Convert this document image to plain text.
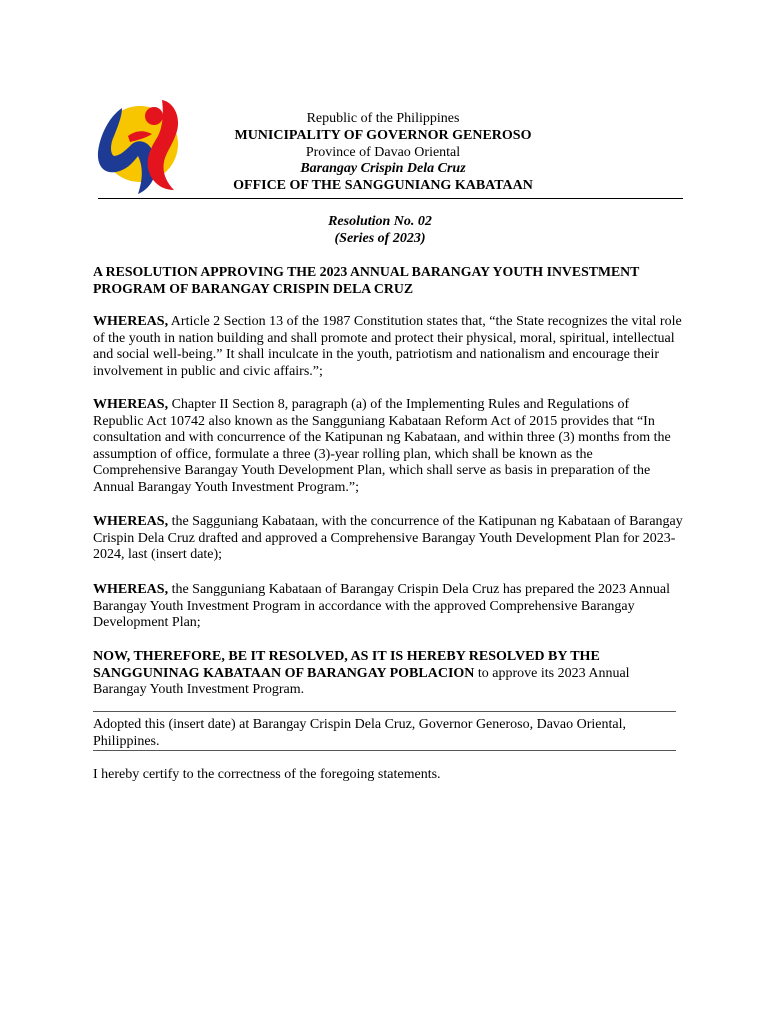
Republic of the Philippines
MUNICIPALITY OF GOVERNOR GENEROSO
Province of Davao Oriental
Barangay Crispin Dela Cruz
OFFICE OF THE SANGGUNIANG KABATAAN
Resolution No. 02
(Series of 2023)
A RESOLUTION APPROVING THE 2023 ANNUAL BARANGAY YOUTH INVESTMENT PROGRAM OF BARANGAY CRISPIN DELA CRUZ
WHEREAS, Article 2 Section 13 of the 1987 Constitution states that, “the State recognizes the vital role of the youth in nation building and shall promote and protect their physical, moral, spiritual, intellectual and social well-being.” It shall inculcate in the youth, patriotism and nationalism and encourage their involvement in public and civic affairs.”;
WHEREAS, Chapter II Section 8, paragraph (a) of the Implementing Rules and Regulations of Republic Act 10742 also known as the Sangguniang Kabataan Reform Act of 2015 provides that “In consultation and with concurrence of the Katipunan ng Kabataan, and within three (3) months from the assumption of office, formulate a three (3)-year rolling plan, which shall be known as the Comprehensive Barangay Youth Development Plan, which shall serve as basis in preparation of the Annual Barangay Youth Investment Program.”;
WHEREAS, the Sagguniang Kabataan, with the concurrence of the Katipunan ng Kabataan of Barangay Crispin Dela Cruz drafted and approved a Comprehensive Barangay Youth Development Plan for 2023-2024, last (insert date);
WHEREAS, the Sangguniang Kabataan of Barangay Crispin Dela Cruz has prepared the 2023 Annual Barangay Youth Investment Program in accordance with the approved Comprehensive Barangay Development Plan;
NOW, THEREFORE, BE IT RESOLVED, AS IT IS HEREBY RESOLVED BY THE SANGGUNINAG KABATAAN OF BARANGAY POBLACION to approve its 2023 Annual Barangay Youth Investment Program.
Adopted this (insert date) at Barangay Crispin Dela Cruz, Governor Generoso, Davao Oriental, Philippines.
I hereby certify to the correctness of the foregoing statements.
